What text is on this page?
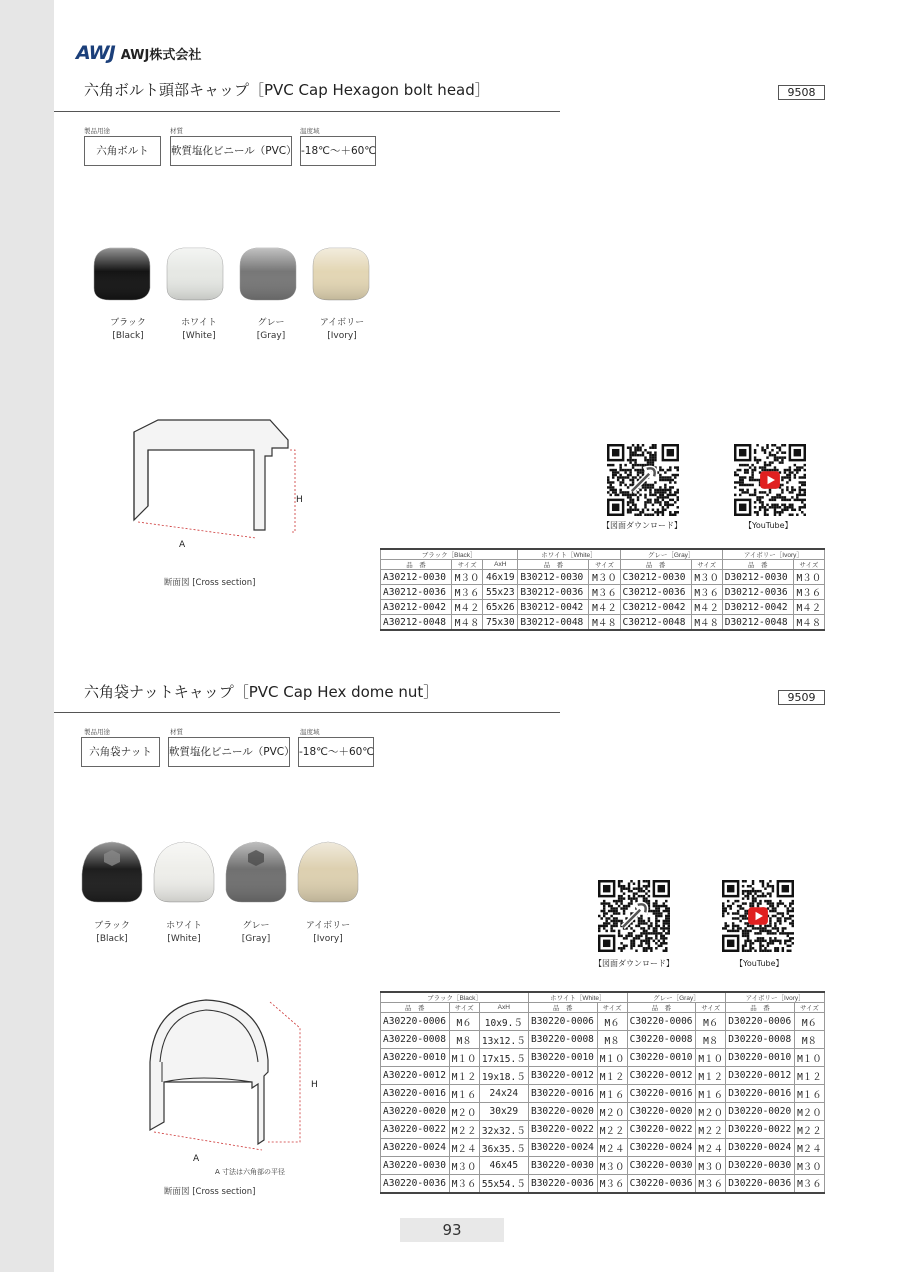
AWJ AWJ株式会社
六角ボルト頭部キャップ［PVC Cap Hexagon bolt head］	9508
製品用途
六角ボルト
材質
軟質塩化ビニール（PVC）
温度域
-18℃～＋60℃
ブラック
[Black]
ホワイト
[White]
グレー
[Gray]
アイボリー
[Ivory]
A
H
断面図 [Cross section]
【図面ダウンロード】	【YouTube】
ブラック［Black］			ホワイト［White］		グレー［Gray］		アイボリー［Ivory］	
品　番	サイズ	AxH	品　番	サイズ	品　番	サイズ	品　番	サイズ
A30212-0030	M３０	46x19	B30212-0030	M３０	C30212-0030	M３０	D30212-0030	M３０
A30212-0036	M３６	55x23	B30212-0036	M３６	C30212-0036	M３６	D30212-0036	M３６
A30212-0042	M４２	65x26	B30212-0042	M４２	C30212-0042	M４２	D30212-0042	M４２
A30212-0048	M４８	75x30	B30212-0048	M４８	C30212-0048	M４８	D30212-0048	M４８
六角袋ナットキャップ［PVC Cap Hex dome nut］	9509
製品用途
六角袋ナット
材質
軟質塩化ビニール（PVC）
温度域
-18℃～＋60℃
ブラック
[Black]
ホワイト
[White]
グレー
[Gray]
アイボリー
[Ivory]
【図面ダウンロード】	【YouTube】
A
H
A 寸法は六角部の平径
断面図 [Cross section]
ブラック［Black］			ホワイト［White］		グレー［Gray］		アイボリー［Ivory］	
品　番	サイズ	AxH	品　番	サイズ	品　番	サイズ	品　番	サイズ
A30220-0006	M６	10x9.５	B30220-0006	M６	C30220-0006	M６	D30220-0006	M６
A30220-0008	M８	13x12.５	B30220-0008	M８	C30220-0008	M８	D30220-0008	M８
A30220-0010	M１０	17x15.５	B30220-0010	M１０	C30220-0010	M１０	D30220-0010	M１０
A30220-0012	M１２	19x18.５	B30220-0012	M１２	C30220-0012	M１２	D30220-0012	M１２
A30220-0016	M１６	24x24	B30220-0016	M１６	C30220-0016	M１６	D30220-0016	M１６
A30220-0020	M２０	30x29	B30220-0020	M２０	C30220-0020	M２０	D30220-0020	M２０
A30220-0022	M２２	32x32.５	B30220-0022	M２２	C30220-0022	M２２	D30220-0022	M２２
A30220-0024	M２４	36x35.５	B30220-0024	M２４	C30220-0024	M２４	D30220-0024	M２４
A30220-0030	M３０	46x45	B30220-0030	M３０	C30220-0030	M３０	D30220-0030	M３０
A30220-0036	M３６	55x54.５	B30220-0036	M３６	C30220-0036	M３６	D30220-0036	M３６
93
